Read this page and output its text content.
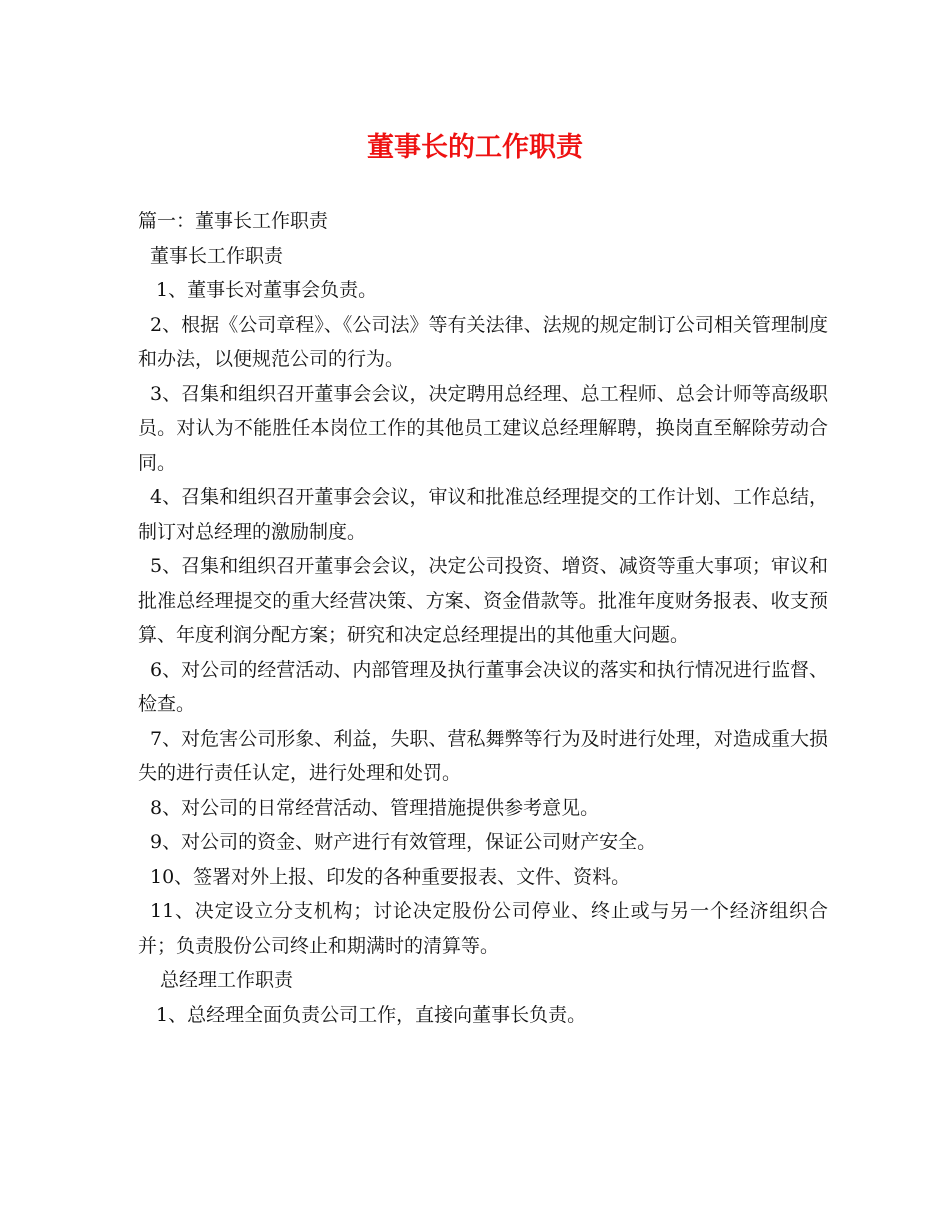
董事长的工作职责

篇一：董事长工作职责

董事长工作职责

1、董事长对董事会负责。

2、根据《公司章程》、《公司法》等有关法律、法规的规定制订公司相关管理制度和办法，以便规范公司的行为。

3、召集和组织召开董事会会议，决定聘用总经理、总工程师、总会计师等高级职员。对认为不能胜任本岗位工作的其他员工建议总经理解聘，换岗直至解除劳动合同。

4、召集和组织召开董事会会议，审议和批准总经理提交的工作计划、工作总结，制订对总经理的激励制度。

5、召集和组织召开董事会会议，决定公司投资、增资、减资等重大事项；审议和批准总经理提交的重大经营决策、方案、资金借款等。批准年度财务报表、收支预算、年度利润分配方案；研究和决定总经理提出的其他重大问题。

6、对公司的经营活动、内部管理及执行董事会决议的落实和执行情况进行监督、检查。

7、对危害公司形象、利益，失职、营私舞弊等行为及时进行处理，对造成重大损失的进行责任认定，进行处理和处罚。

8、对公司的日常经营活动、管理措施提供参考意见。

9、对公司的资金、财产进行有效管理，保证公司财产安全。

10、签署对外上报、印发的各种重要报表、文件、资料。

11、决定设立分支机构；讨论决定股份公司停业、终止或与另一个经济组织合并；负责股份公司终止和期满时的清算等。

总经理工作职责

1、总经理全面负责公司工作，直接向董事长负责。
